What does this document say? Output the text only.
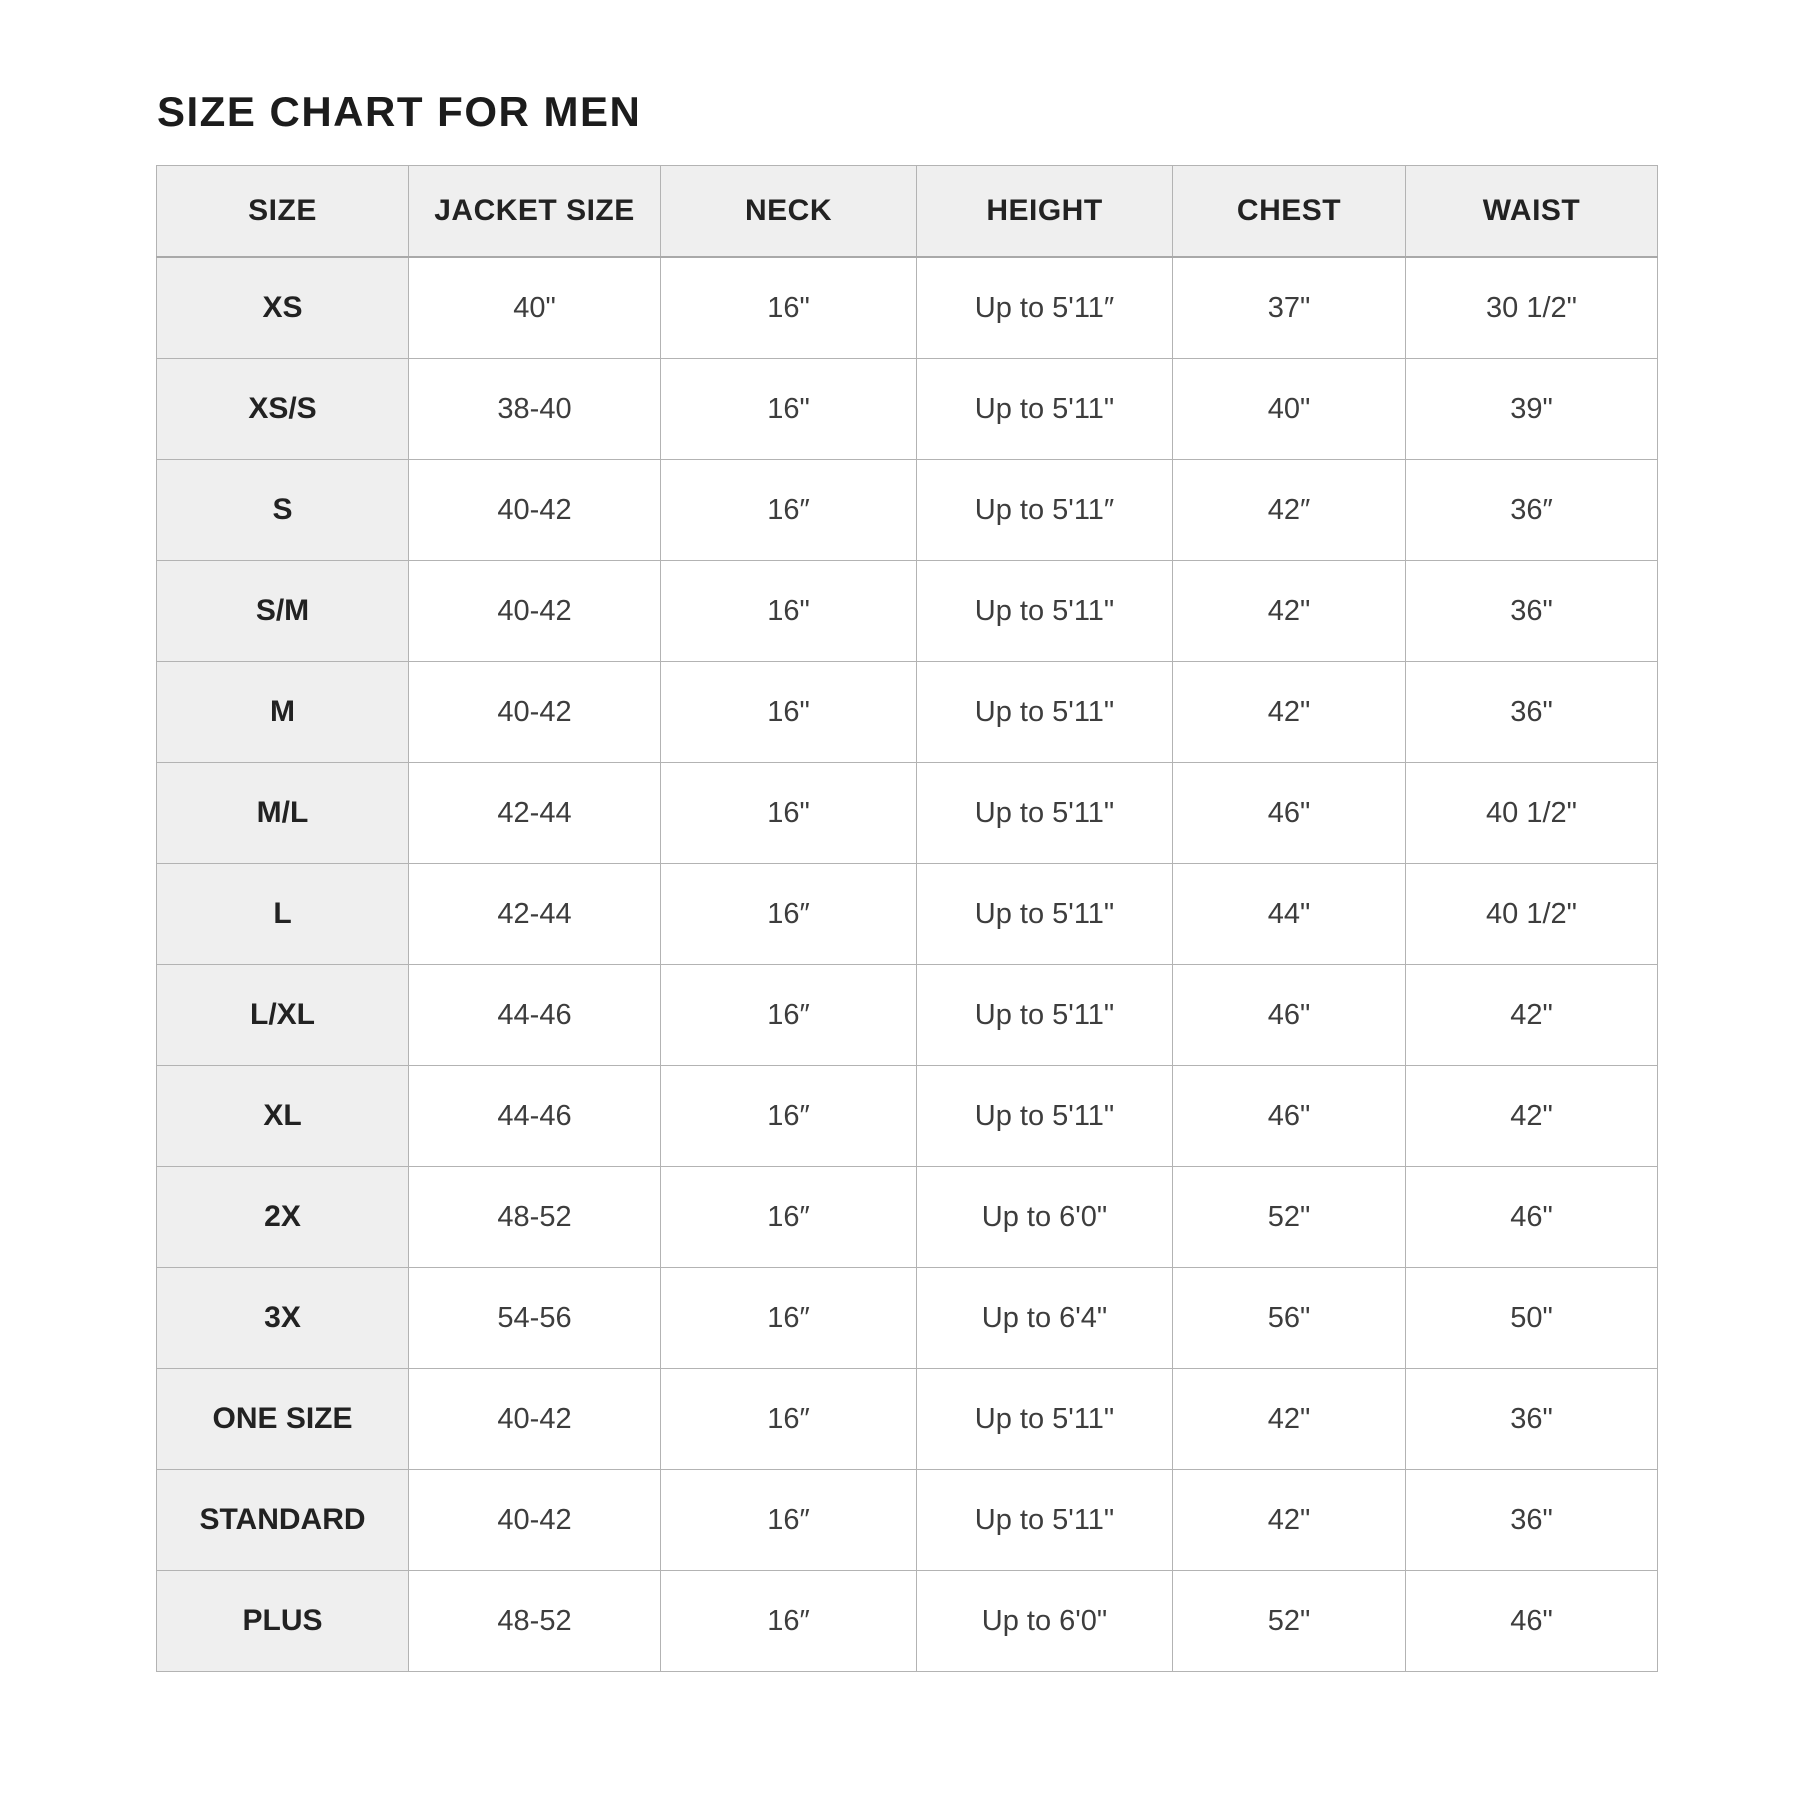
SIZE CHART FOR MEN
SIZE	JACKET SIZE	NECK	HEIGHT	CHEST	WAIST
XS	40"	16"	Up to 5'11″	37"	30 1/2"
XS/S	38-40	16"	Up to 5'11"	40"	39"
S	40-42	16″	Up to 5'11″	42″	36″
S/M	40-42	16"	Up to 5'11"	42"	36"
M	40-42	16"	Up to 5'11"	42"	36"
M/L	42-44	16"	Up to 5'11"	46"	40 1/2"
L	42-44	16″	Up to 5'11"	44"	40 1/2"
L/XL	44-46	16″	Up to 5'11"	46"	42"
XL	44-46	16″	Up to 5'11"	46"	42"
2X	48-52	16″	Up to 6'0"	52"	46"
3X	54-56	16″	Up to 6'4"	56"	50"
ONE SIZE	40-42	16″	Up to 5'11"	42"	36"
STANDARD	40-42	16″	Up to 5'11"	42"	36"
PLUS	48-52	16″	Up to 6'0"	52"	46"
